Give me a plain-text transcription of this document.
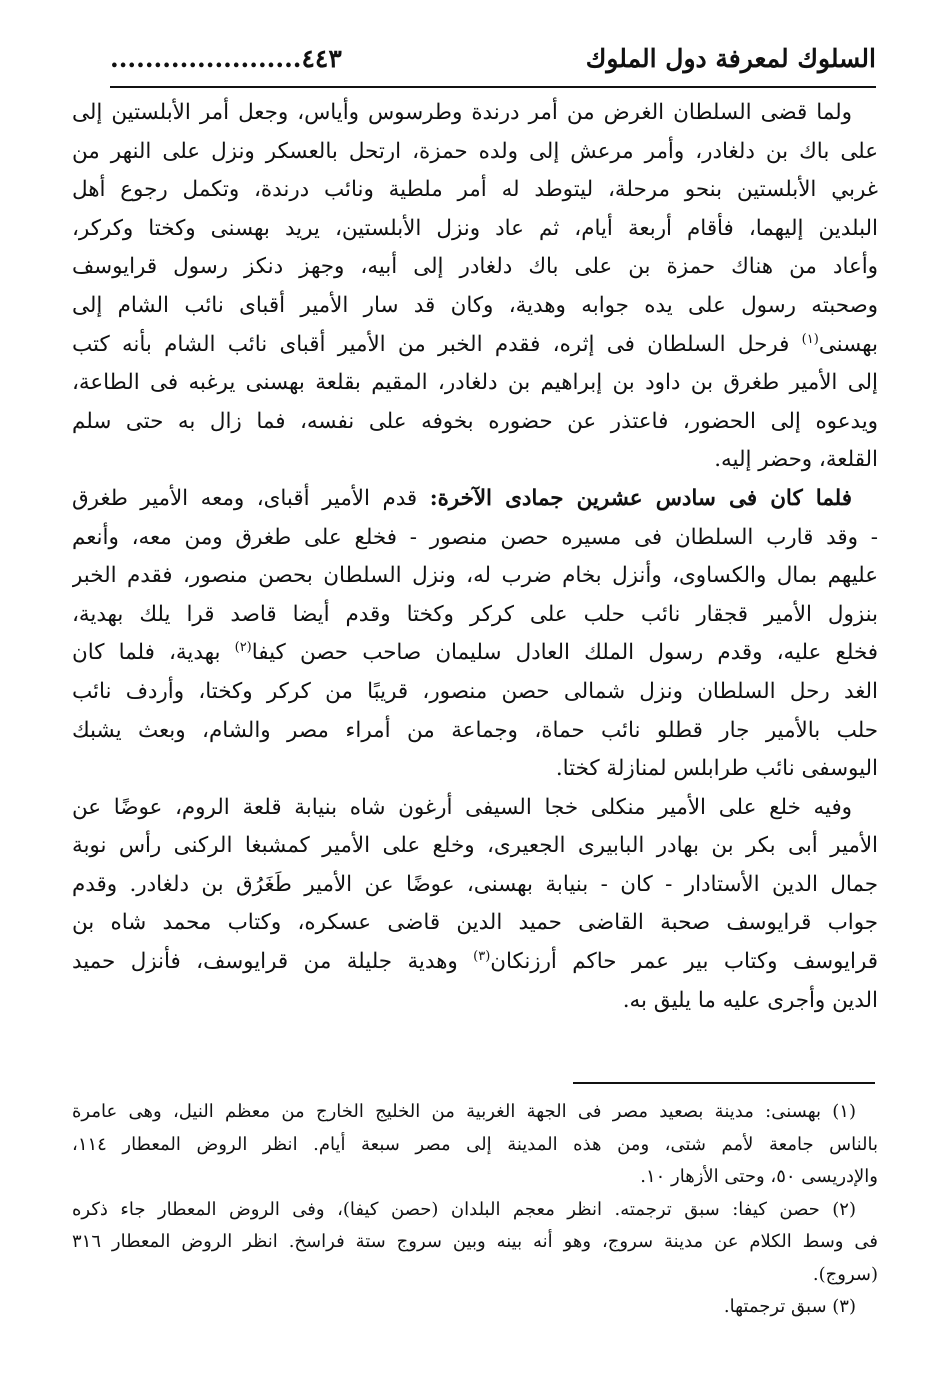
السلوك لمعرفة دول الملوك
٤٤٣......................
ولما قضى السلطان الغرض من أمر درندة وطرسوس وأياس، وجعل أمر الأبلستين إلى
على باك بن دلغادر، وأمر مرعش إلى ولده حمزة، ارتحل بالعسكر ونزل على النهر من
غربي الأبلستين بنحو مرحلة، ليتوطد له أمر ملطية ونائب درندة، وتكمل رجوع أهل
البلدين إليهما، فأقام أربعة أيام، ثم عاد ونزل الأبلستين، يريد بهسنى وكختا وكركر،
وأعاد من هناك حمزة بن على باك دلغادر إلى أبيه، وجهز دنكز رسول قرايوسف
وصحبته رسول على يده جوابه وهدية، وكان قد سار الأمير أقباى نائب الشام إلى
بهسنى$^{(١)}$ فرحل السلطان فى إثره، فقدم الخبر من الأمير أقباى نائب الشام بأنه كتب
إلى الأمير طغرق بن داود بن إبراهيم بن دلغادر، المقيم بقلعة بهسنى يرغبه فى الطاعة،
ويدعوه إلى الحضور، فاعتذر عن حضوره بخوفه على نفسه، فما زال به حتى سلم
القلعة، وحضر إليه.
فلما كان فى سادس عشرين جمادى الآخرة: قدم الأمير أقباى، ومعه الأمير طغرق
- وقد قارب السلطان فى مسيره حصن منصور - فخلع على طغرق ومن معه، وأنعم
عليهم بمال والكساوى، وأنزل بخام ضرب له، ونزل السلطان بحصن منصور، فقدم الخبر
بنزول الأمير قجقار نائب حلب على كركر وكختا وقدم أيضا قاصد قرا يلك بهدية،
فخلع عليه، وقدم رسول الملك العادل سليمان صاحب حصن كيفا$^{(٢)}$ بهدية، فلما كان
الغد رحل السلطان ونزل شمالى حصن منصور، قريبًا من كركر وكختا، وأردف نائب
حلب بالأمير جار قطلو نائب حماة، وجماعة من أمراء مصر والشام، وبعث يشبك
اليوسفى نائب طرابلس لمنازلة كختا.
وفيه خلع على الأمير منكلى خجا السيفى أرغون شاه بنيابة قلعة الروم، عوضًا عن
الأمير أبى بكر بن بهادر البابيرى الجعيرى، وخلع على الأمير كمشبغا الركنى رأس نوبة
جمال الدين الأستادار - كان - بنيابة بهسنى، عوضًا عن الأمير طَغَرُق بن دلغادر. وقدم
جواب قرايوسف صحبة القاضى حميد الدين قاضى عسكره، وكتاب محمد شاه بن
قرايوسف وكتاب بير عمر حاكم أرزنكان$^{(٣)}$ وهدية جليلة من قرايوسف، فأنزل حميد
الدين وأجرى عليه ما يليق به.
(١) بهسنى: مدينة بصعيد مصر فى الجهة الغربية من الخليج الخارج من معظم النيل، وهى عامرة
بالناس جامعة لأمم شتى، ومن هذه المدينة إلى مصر سبعة أيام. انظر الروض المعطار ١١٤،
والإدريسى ٥٠، وحتى الأزهار ١٠.
(٢) حصن كيفا: سبق ترجمته. انظر معجم البلدان (حصن كيفا)، وفى الروض المعطار جاء ذكره
فى وسط الكلام عن مدينة سروج، وهو أنه بينه وبين سروج ستة فراسخ. انظر الروض المعطار ٣١٦
(سروج).
(٣) سبق ترجمتها.
